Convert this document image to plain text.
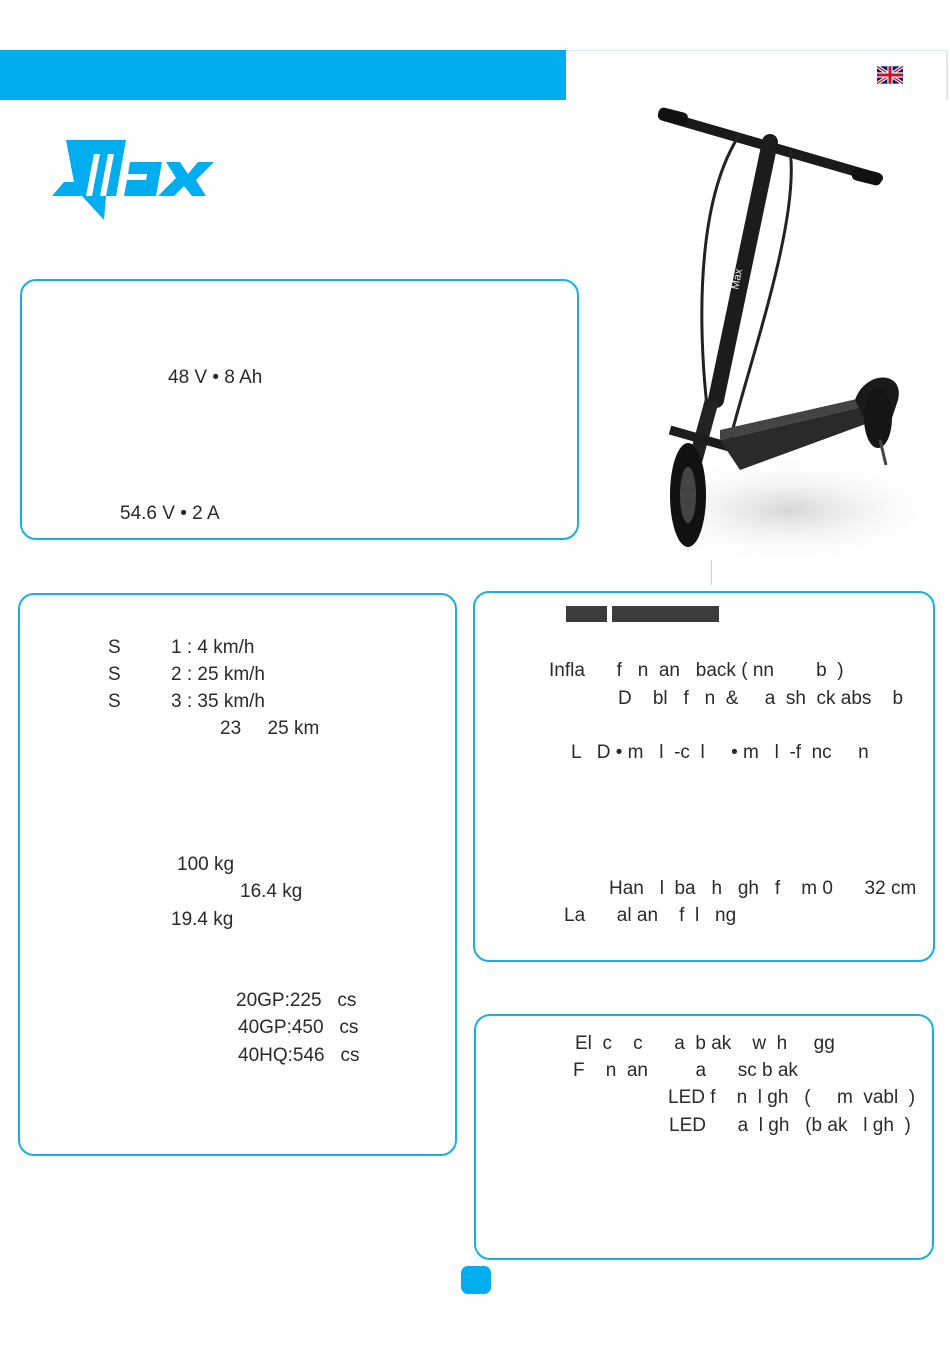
Max
48 V • 8 Ah
54.6 V • 2 A
S	1 : 4 km/h
S	2 : 25 km/h
S	3 : 35 km/h
23     25 km
100 kg
16.4 kg
19.4 kg
20GP:225   cs
40GP:450   cs
40HQ:546   cs
Infla      f   n  an   back ( nn        b  )
D    bl   f   n  &     a  sh  ck abs    b
L   D • m   l  -c  l     • m   l  -f  nc     n
Han   l  ba   h   gh   f    m 0      32 cm
La      al an    f  l   ng
El  c    c      a  b ak    w  h     gg
F    n  an         a      sc b ak
LED f    n  l gh   (     m  vabl  )
LED      a  l gh   (b ak   l gh  )
